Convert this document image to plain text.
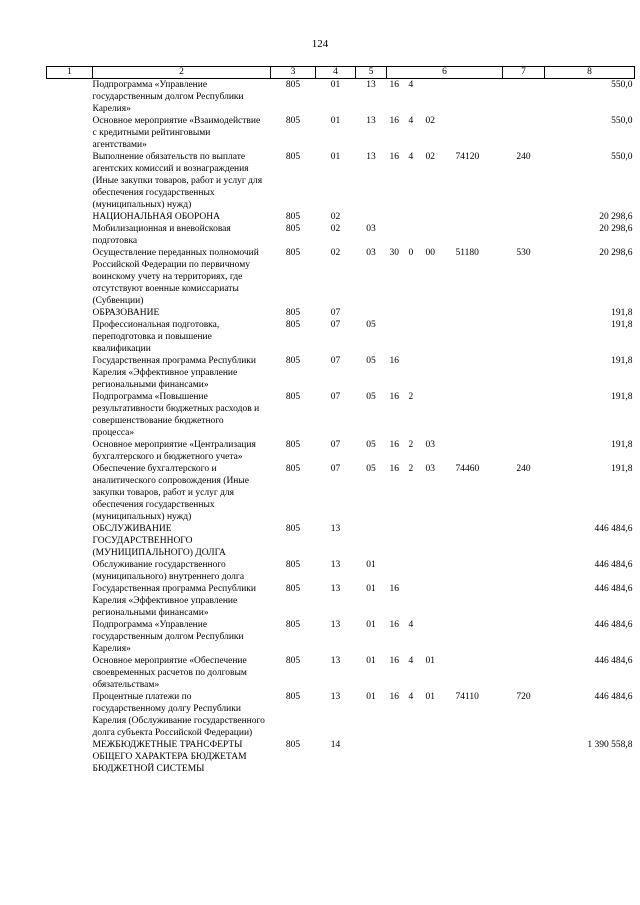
124
1	2	3	4	5	6				7	8
	Подпрограмма «Управление государственным долгом Республики Карелия»	805	01	13	16	4				550,0
	Основное мероприятие «Взаимодействие с кредитными рейтинговыми агентствами»	805	01	13	16	4	02			550,0
	Выполнение обязательств по выплате агентских комиссий и вознаграждения (Иные закупки товаров, работ и услуг для обеспечения государственных (муниципальных) нужд)	805	01	13	16	4	02	74120	240	550,0
	НАЦИОНАЛЬНАЯ ОБОРОНА	805	02							20 298,6
	Мобилизационная и вневойсковая подготовка	805	02	03						20 298,6
	Осуществление переданных полномочий Российской Федерации по первичному воинскому учету на территориях, где отсутствуют военные комиссариаты (Субвенции)	805	02	03	30	0	00	51180	530	20 298,6
	ОБРАЗОВАНИЕ	805	07							191,8
	Профессиональная подготовка, переподготовка и повышение квалификации	805	07	05						191,8
	Государственная программа Республики Карелия «Эффективное управление региональными финансами»	805	07	05	16					191,8
	Подпрограмма «Повышение результативности бюджетных расходов и совершенствование бюджетного процесса»	805	07	05	16	2				191,8
	Основное мероприятие «Централизация бухгалтерского и бюджетного учета»	805	07	05	16	2	03			191,8
	Обеспечение бухгалтерского и аналитического сопровождения (Иные закупки товаров, работ и услуг для обеспечения государственных (муниципальных) нужд)	805	07	05	16	2	03	74460	240	191,8
	ОБСЛУЖИВАНИЕ ГОСУДАРСТВЕННОГО (МУНИЦИПАЛЬНОГО) ДОЛГА	805	13							446 484,6
	Обслуживание государственного (муниципального) внутреннего долга	805	13	01						446 484,6
	Государственная программа Республики Карелия «Эффективное управление региональными финансами»	805	13	01	16					446 484,6
	Подпрограмма «Управление государственным долгом Республики Карелия»	805	13	01	16	4				446 484,6
	Основное мероприятие «Обеспечение своевременных расчетов по долговым обязательствам»	805	13	01	16	4	01			446 484,6
	Процентные платежи по государственному долгу Республики Карелия (Обслуживание государственного долга субъекта Российской Федерации)	805	13	01	16	4	01	74110	720	446 484,6
	МЕЖБЮДЖЕТНЫЕ ТРАНСФЕРТЫ ОБЩЕГО ХАРАКТЕРА БЮДЖЕТАМ БЮДЖЕТНОЙ СИСТЕМЫ	805	14							1 390 558,8
